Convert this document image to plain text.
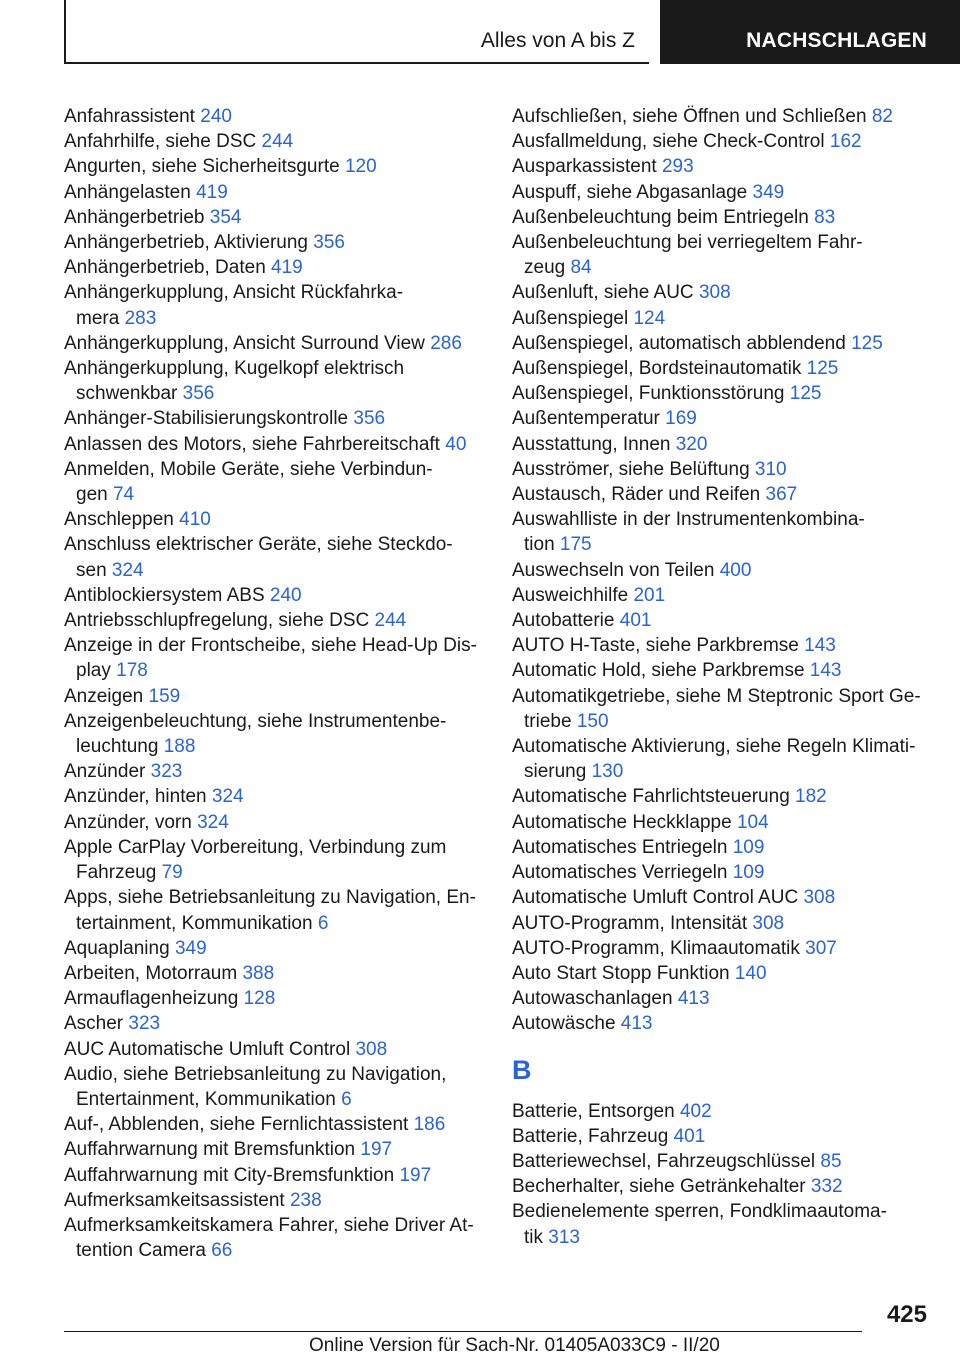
Alles von A bis Z	NACHSCHLAGEN
Anfahrassistent 240
Anfahrhilfe, siehe DSC 244
Angurten, siehe Sicherheitsgurte 120
Anhängelasten 419
Anhängerbetrieb 354
Anhängerbetrieb, Aktivierung 356
Anhängerbetrieb, Daten 419
Anhängerkupplung, Ansicht Rückfahrka-
mera 283
Anhängerkupplung, Ansicht Surround View 286
Anhängerkupplung, Kugelkopf elektrisch
schwenkbar 356
Anhänger-Stabilisierungskontrolle 356
Anlassen des Motors, siehe Fahrbereitschaft 40
Anmelden, Mobile Geräte, siehe Verbindun-
gen 74
Anschleppen 410
Anschluss elektrischer Geräte, siehe Steckdo-
sen 324
Antiblockiersystem ABS 240
Antriebsschlupfregelung, siehe DSC 244
Anzeige in der Frontscheibe, siehe Head-Up Dis-
play 178
Anzeigen 159
Anzeigenbeleuchtung, siehe Instrumentenbe-
leuchtung 188
Anzünder 323
Anzünder, hinten 324
Anzünder, vorn 324
Apple CarPlay Vorbereitung, Verbindung zum
Fahrzeug 79
Apps, siehe Betriebsanleitung zu Navigation, En-
tertainment, Kommunikation 6
Aquaplaning 349
Arbeiten, Motorraum 388
Armauflagenheizung 128
Ascher 323
AUC Automatische Umluft Control 308
Audio, siehe Betriebsanleitung zu Navigation,
Entertainment, Kommunikation 6
Auf-, Abblenden, siehe Fernlichtassistent 186
Auffahrwarnung mit Bremsfunktion 197
Auffahrwarnung mit City-Bremsfunktion 197
Aufmerksamkeitsassistent 238
Aufmerksamkeitskamera Fahrer, siehe Driver At-
tention Camera 66
Aufschließen, siehe Öffnen und Schließen 82
Ausfallmeldung, siehe Check-Control 162
Ausparkassistent 293
Auspuff, siehe Abgasanlage 349
Außenbeleuchtung beim Entriegeln 83
Außenbeleuchtung bei verriegeltem Fahr-
zeug 84
Außenluft, siehe AUC 308
Außenspiegel 124
Außenspiegel, automatisch abblendend 125
Außenspiegel, Bordsteinautomatik 125
Außenspiegel, Funktionsstörung 125
Außentemperatur 169
Ausstattung, Innen 320
Ausströmer, siehe Belüftung 310
Austausch, Räder und Reifen 367
Auswahlliste in der Instrumentenkombina-
tion 175
Auswechseln von Teilen 400
Ausweichhilfe 201
Autobatterie 401
AUTO H-Taste, siehe Parkbremse 143
Automatic Hold, siehe Parkbremse 143
Automatikgetriebe, siehe M Steptronic Sport Ge-
triebe 150
Automatische Aktivierung, siehe Regeln Klimati-
sierung 130
Automatische Fahrlichtsteuerung 182
Automatische Heckklappe 104
Automatisches Entriegeln 109
Automatisches Verriegeln 109
Automatische Umluft Control AUC 308
AUTO-Programm, Intensität 308
AUTO-Programm, Klimaautomatik 307
Auto Start Stopp Funktion 140
Autowaschanlagen 413
Autowäsche 413
B
Batterie, Entsorgen 402
Batterie, Fahrzeug 401
Batteriewechsel, Fahrzeugschlüssel 85
Becherhalter, siehe Getränkehalter 332
Bedienelemente sperren, Fondklimaautoma-
tik 313
425
Online Version für Sach-Nr. 01405A033C9 - II/20
